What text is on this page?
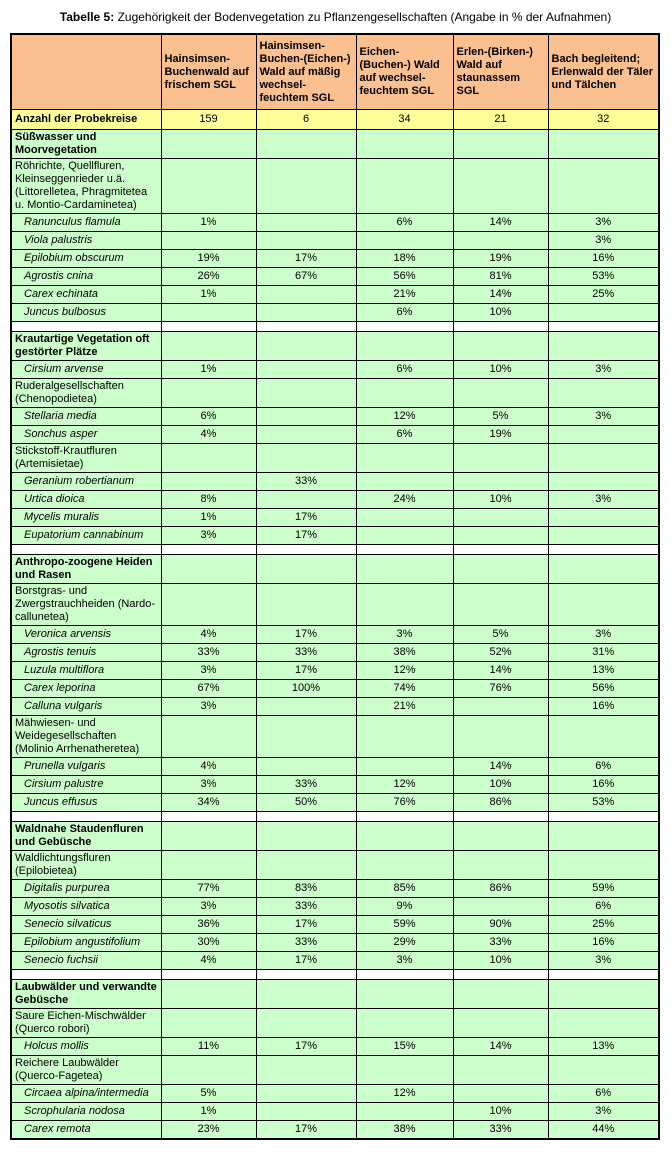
Tabelle 5: Zugehörigkeit der Bodenvegetation zu Pflanzengesellschaften (Angabe in % der Aufnahmen)
	Hainsimsen-Buchenwald auf frischem SGL	Hainsimsen-Buchen-(Eichen-) Wald auf mäßig wechsel-feuchtem SGL	Eichen-(Buchen-) Wald auf wechsel-feuchtem SGL	Erlen-(Birken-) Wald auf staunassem SGL	Bach begleitend; Erlenwald der Täler und Tälchen
Anzahl der Probekreise	159	6	34	21	32
Süßwasser und Moorvegetation					
Röhrichte, Quellfluren, Kleinseggenrieder u.ä. (Littorelletea, Phragmitetea u. Montio-Cardaminetea)					
Ranunculus flamula	1%		6%	14%	3%
Viola palustris					3%
Epilobium obscurum	19%	17%	18%	19%	16%
Agrostis cnina	26%	67%	56%	81%	53%
Carex echinata	1%		21%	14%	25%
Juncus bulbosus			6%	10%	

Krautartige Vegetation oft gestörter Plätze					
Cirsium arvense	1%		6%	10%	3%
Ruderalgesellschaften (Chenopodietea)					
Stellaria media	6%		12%	5%	3%
Sonchus asper	4%		6%	19%	
Stickstoff-Krautfluren (Artemisietae)					
Geranium robertianum		33%			
Urtica dioica	8%		24%	10%	3%
Mycelis muralis	1%	17%			
Eupatorium cannabinum	3%	17%			

Anthropo-zoogene Heiden und Rasen					
Borstgras- und Zwergstrauchheiden (Nardo-callunetea)					
Veronica arvensis	4%	17%	3%	5%	3%
Agrostis tenuis	33%	33%	38%	52%	31%
Luzula multiflora	3%	17%	12%	14%	13%
Carex leporina	67%	100%	74%	76%	56%
Calluna vulgaris	3%		21%		16%
Mähwiesen- und Weidegesellschaften (Molinio Arrhenatheretea)					
Prunella vulgaris	4%			14%	6%
Cirsium palustre	3%	33%	12%	10%	16%
Juncus effusus	34%	50%	76%	86%	53%

Waldnahe Staudenfluren und Gebüsche					
Waldlichtungsfluren (Epilobietea)					
Digitalis purpurea	77%	83%	85%	86%	59%
Myosotis silvatica	3%	33%	9%		6%
Senecio silvaticus	36%	17%	59%	90%	25%
Epilobium angustifolium	30%	33%	29%	33%	16%
Senecio fuchsii	4%	17%	3%	10%	3%

Laubwälder und verwandte Gebüsche					
Saure Eichen-Mischwälder (Querco robori)					
Holcus mollis	11%	17%	15%	14%	13%
Reichere Laubwälder (Querco-Fagetea)					
Circaea alpina/intermedia	5%		12%		6%
Scrophularia nodosa	1%			10%	3%
Carex remota	23%	17%	38%	33%	44%
